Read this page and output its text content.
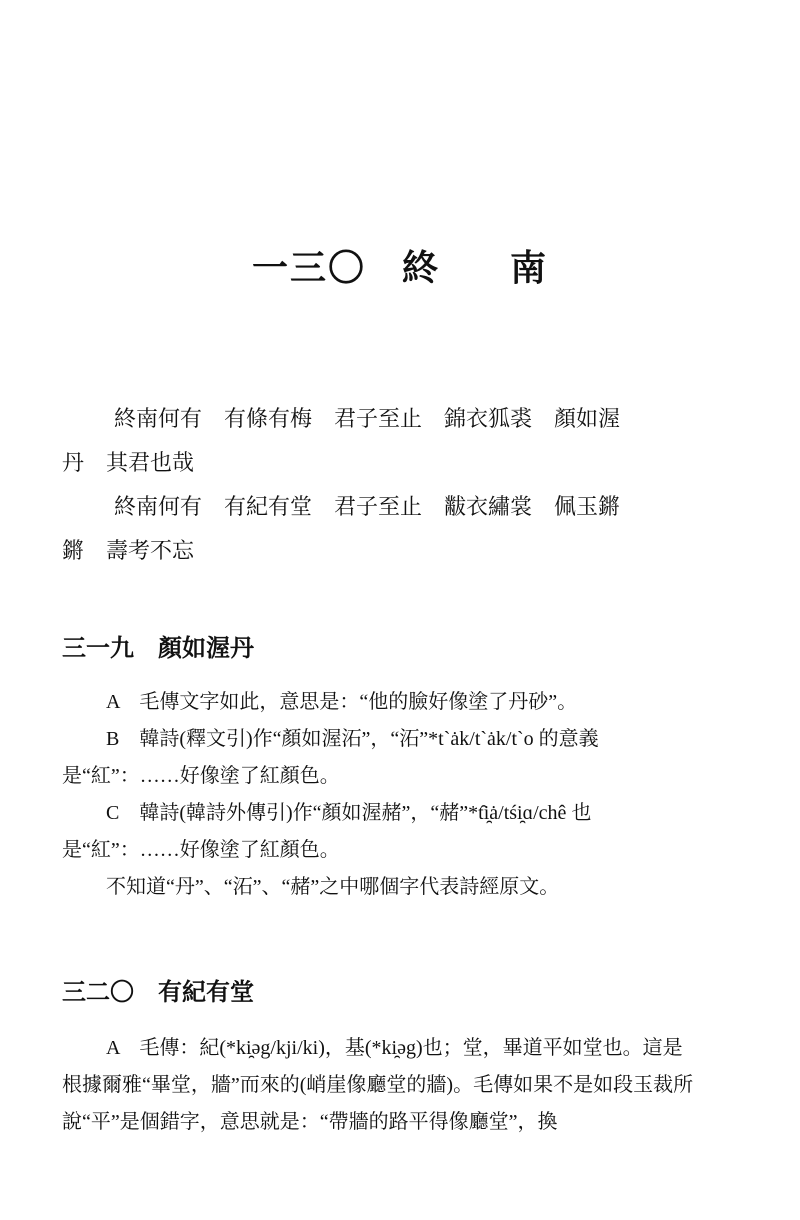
一三〇 終 南
終南何有　有條有梅　君子至止　錦衣狐裘　顏如渥
丹　其君也哉
終南何有　有紀有堂　君子至止　黻衣繡裳　佩玉鏘
鏘　壽考不忘
三一九 顏如渥丹

A　毛傳文字如此，意思是：“他的臉好像塗了丹砂”。

B　韓詩(釋文引)作“顏如渥沰”，“沰”*t`ȧk/t`ȧk/t`o 的意義是“紅”：……好像塗了紅顏色。

C　韓詩(韓詩外傳引)作“顏如渥赭”，“赭”*t̑i̯ȧ/tśi̯ɑ/chê 也是“紅”：……好像塗了紅顏色。

不知道“丹”、“沰”、“赭”之中哪個字代表詩經原文。

三二〇 有紀有堂

A　毛傳：紀(*ki̯əg/kji/ki)，基(*ki̯əg)也；堂，畢道平如堂也。這是根據爾雅“畢堂，牆”而來的(峭崖像廳堂的牆)。毛傳如果不是如段玉裁所說“平”是個錯字，意思就是：“帶牆的路平得像廳堂”，換
